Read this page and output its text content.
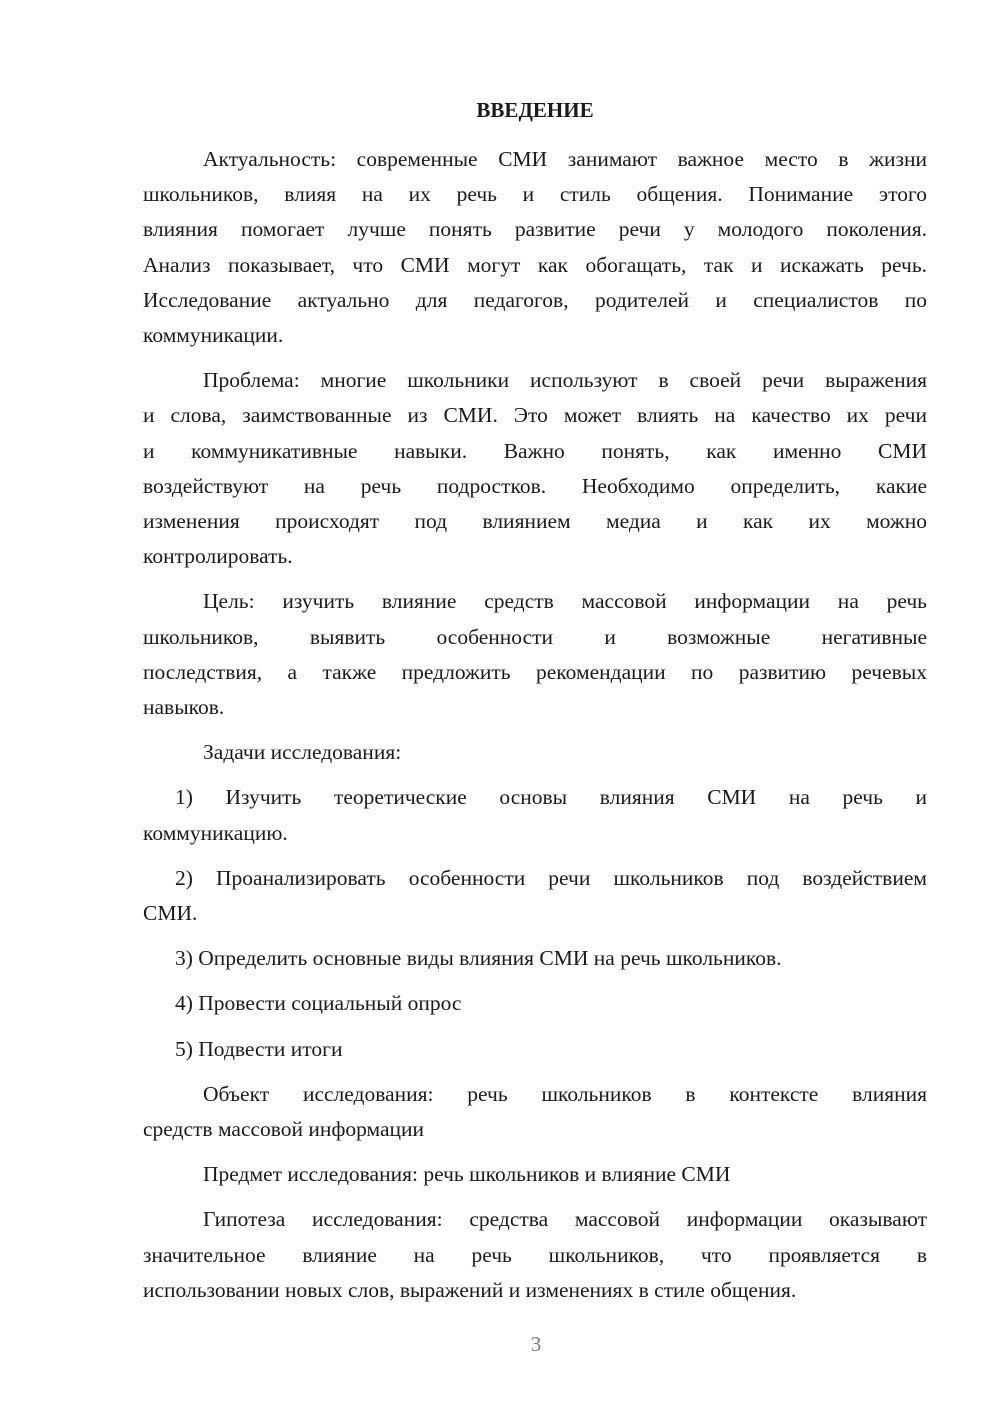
ВВЕДЕНИЕ
Актуальность: современные СМИ занимают важное место в жизни
школьников, влияя на их речь и стиль общения. Понимание этого
влияния помогает лучше понять развитие речи у молодого поколения.
Анализ показывает, что СМИ могут как обогащать, так и искажать речь.
Исследование актуально для педагогов, родителей и специалистов по
коммуникации.
Проблема: многие школьники используют в своей речи выражения
и слова, заимствованные из СМИ. Это может влиять на качество их речи
и коммуникативные навыки. Важно понять, как именно СМИ
воздействуют на речь подростков. Необходимо определить, какие
изменения происходят под влиянием медиа и как их можно
контролировать.
Цель: изучить влияние средств массовой информации на речь
школьников, выявить особенности и возможные негативные
последствия, а также предложить рекомендации по развитию речевых
навыков.
Задачи исследования:
1) Изучить теоретические основы влияния СМИ на речь и
коммуникацию.
2) Проанализировать особенности речи школьников под воздействием
СМИ.
3) Определить основные виды влияния СМИ на речь школьников.
4) Провести социальный опрос
5) Подвести итоги
Объект исследования: речь школьников в контексте влияния
средств массовой информации
Предмет исследования: речь школьников и влияние СМИ
Гипотеза исследования: средства массовой информации оказывают
значительное влияние на речь школьников, что проявляется в
использовании новых слов, выражений и изменениях в стиле общения.
3
